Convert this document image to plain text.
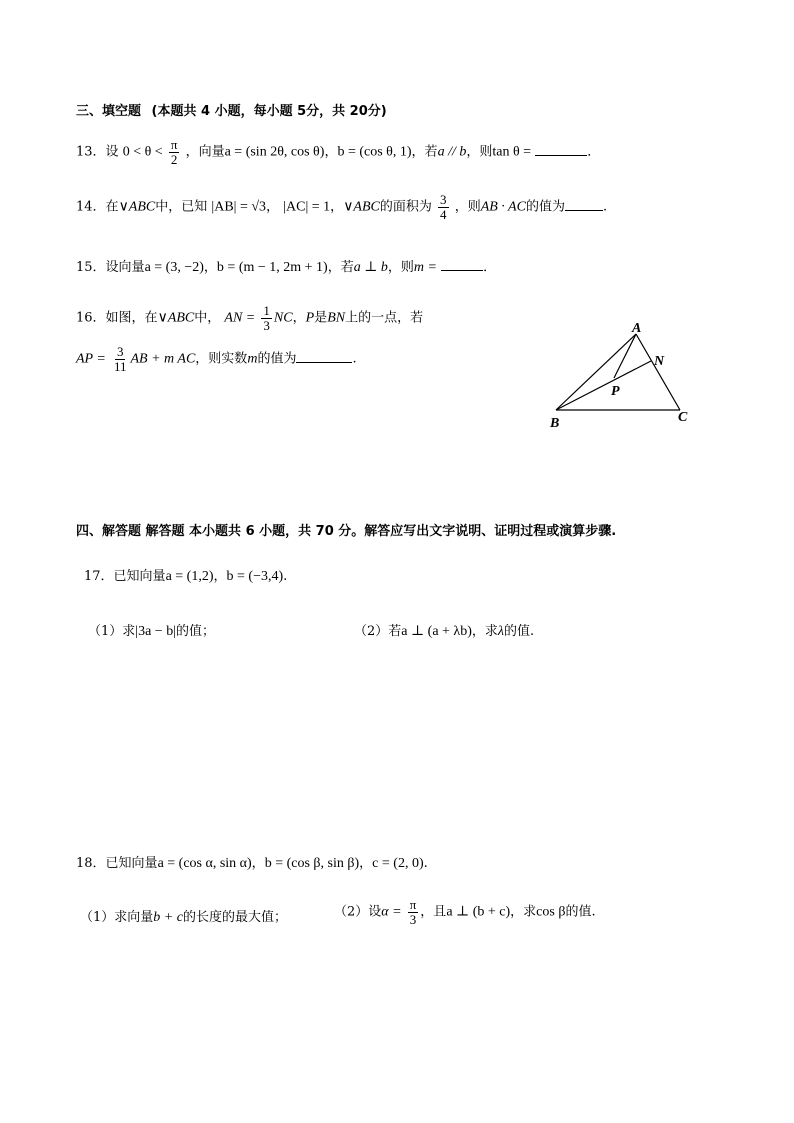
三、填空题 (本题共 4 小题，每小题 5分，共 20分)
13．设 $0 < \theta < \frac{\pi}{2}$ ，向量a = (sin 2θ, cos θ)，b = (cos θ, 1)，若a // b，则tan θ =	．
14．在∨ABC中，已知 |AB| = √3， |AC| = 1，∨ABC的面积为 $\frac{3}{4}$ ，则AB · AC的值为	.
15．设向量a = (3, −2)，b = (m − 1, 2m + 1)，若a ⊥ b，则m =	．
16．如图，在∨ABC中， AN = $\frac{1}{3}$ NC，P是BN上的一点，若
AP = $\frac{3}{11}$ AB + m AC，则实数m的值为	.
A
B	C
N
P
四、解答题 解答题 本小题共 6 小题，共 70 分。解答应写出文字说明、证明过程或演算步骤.
17．已知向量a = (1,2)，b = (−3,4).
（1）求|3a − b|的值；	（2）若a ⊥ (a + λb)，求λ的值.
18．已知向量a = (cos α, sin α)，b = (cos β, sin β)，c = (2, 0).
（1）求向量b + c的长度的最大值；	（2）设$\alpha = \frac{\pi}{3}$ ，且a ⊥ (b + c)，求cos β的值.
